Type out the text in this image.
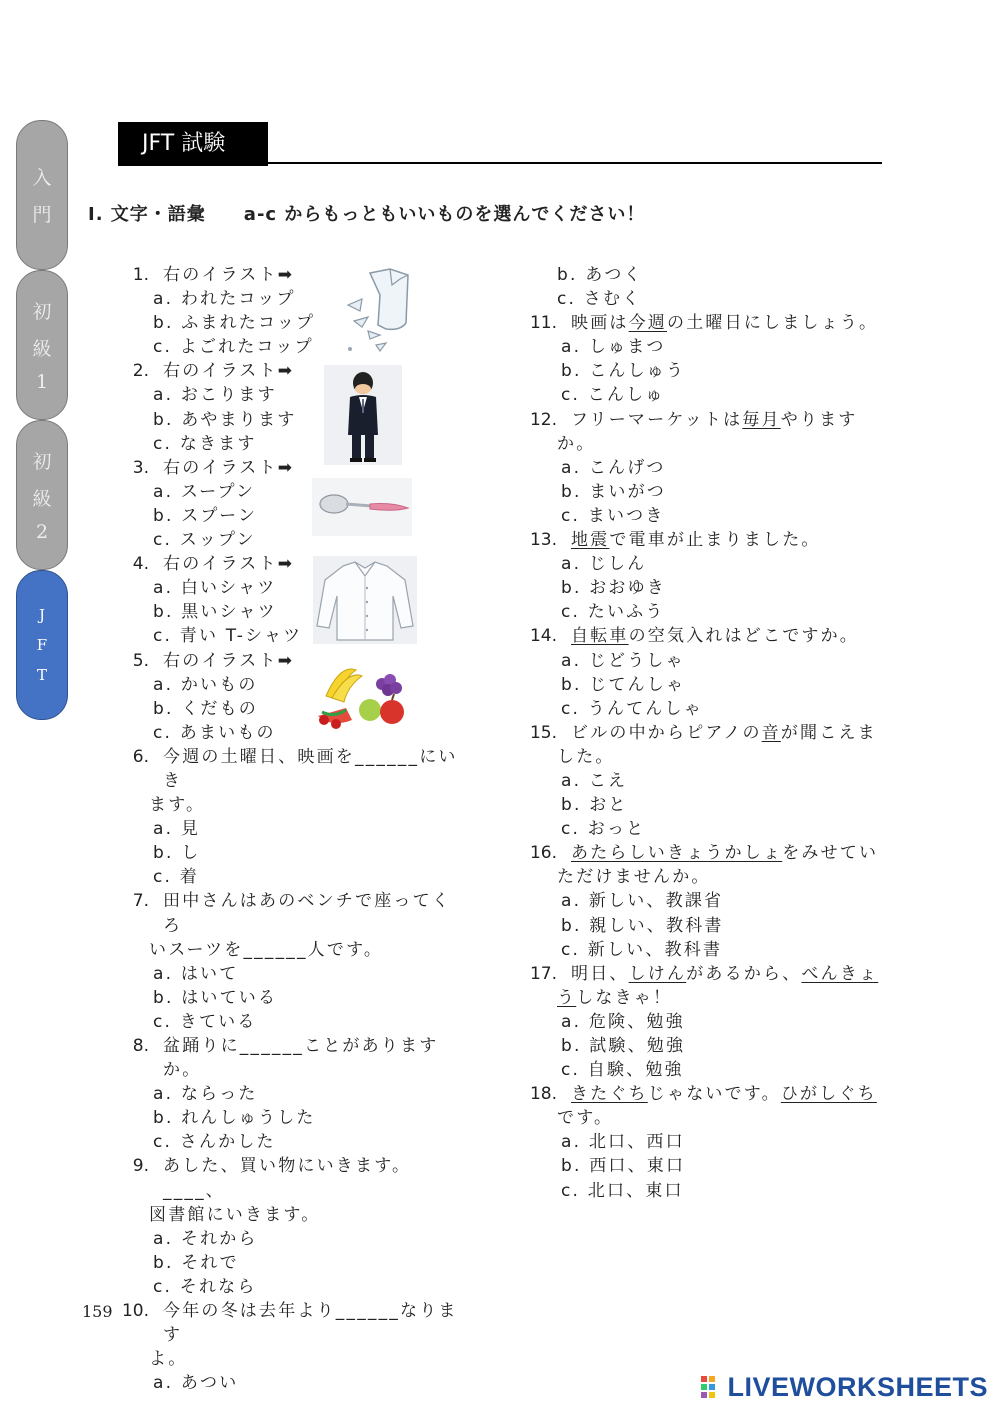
入
門
初
級
1
初
級
2
J
F
T
JFT 試験
I. 文字・語彙　　a-c からもっともいいものを選んでください！
1. 右のイラスト➡
a. われたコップ
b. ふまれたコップ
c. よごれたコップ
2. 右のイラスト➡
a. おこります
b. あやまります
c. なきます
3. 右のイラスト➡
a. スープン
b. スプーン
c. スップン
4. 右のイラスト➡
a. 白いシャツ
b. 黒いシャツ
c. 青い T-シャツ
5. 右のイラスト➡
a. かいもの
b. くだもの
c. あまいもの
6. 今週の土曜日、映画を______にいき
ます。
a. 見
b. し
c. 着
7. 田中さんはあのベンチで座ってくろ
いスーツを______人です。
a. はいて
b. はいている
c. きている
8. 盆踊りに______ことがありますか。
a. ならった
b. れんしゅうした
c. さんかした
9. あした、買い物にいきます。____、
図書館にいきます。
a. それから
b. それで
c. それなら
10. 今年の冬は去年より______なります
よ。
a. あつい
b. あつく
c. さむく
11. 映画は今週の土曜日にしましょう。
a. しゅまつ
b. こんしゅう
c. こんしゅ
12. フリーマーケットは毎月やります
か。
a. こんげつ
b. まいがつ
c. まいつき
13. 地震で電車が止まりました。
a. じしん
b. おおゆき
c. たいふう
14. 自転車の空気入れはどこですか。
a. じどうしゃ
b. じてんしゃ
c. うんてんしゃ
15. ビルの中からピアノの音が聞こえま
した。
a. こえ
b. おと
c. おっと
16. あたらしいきょうかしょをみせてい
ただけませんか。
a. 新しい、教課省
b. 親しい、教科書
c. 新しい、教科書
17. 明日、しけんがあるから、べんきょ
うしなきゃ！
a. 危険、勉強
b. 試験、勉強
c. 自験、勉強
18. きたぐちじゃないです。ひがしぐち
です。
a. 北口、西口
b. 西口、東口
c. 北口、東口
159
LIVEWORKSHEETS
